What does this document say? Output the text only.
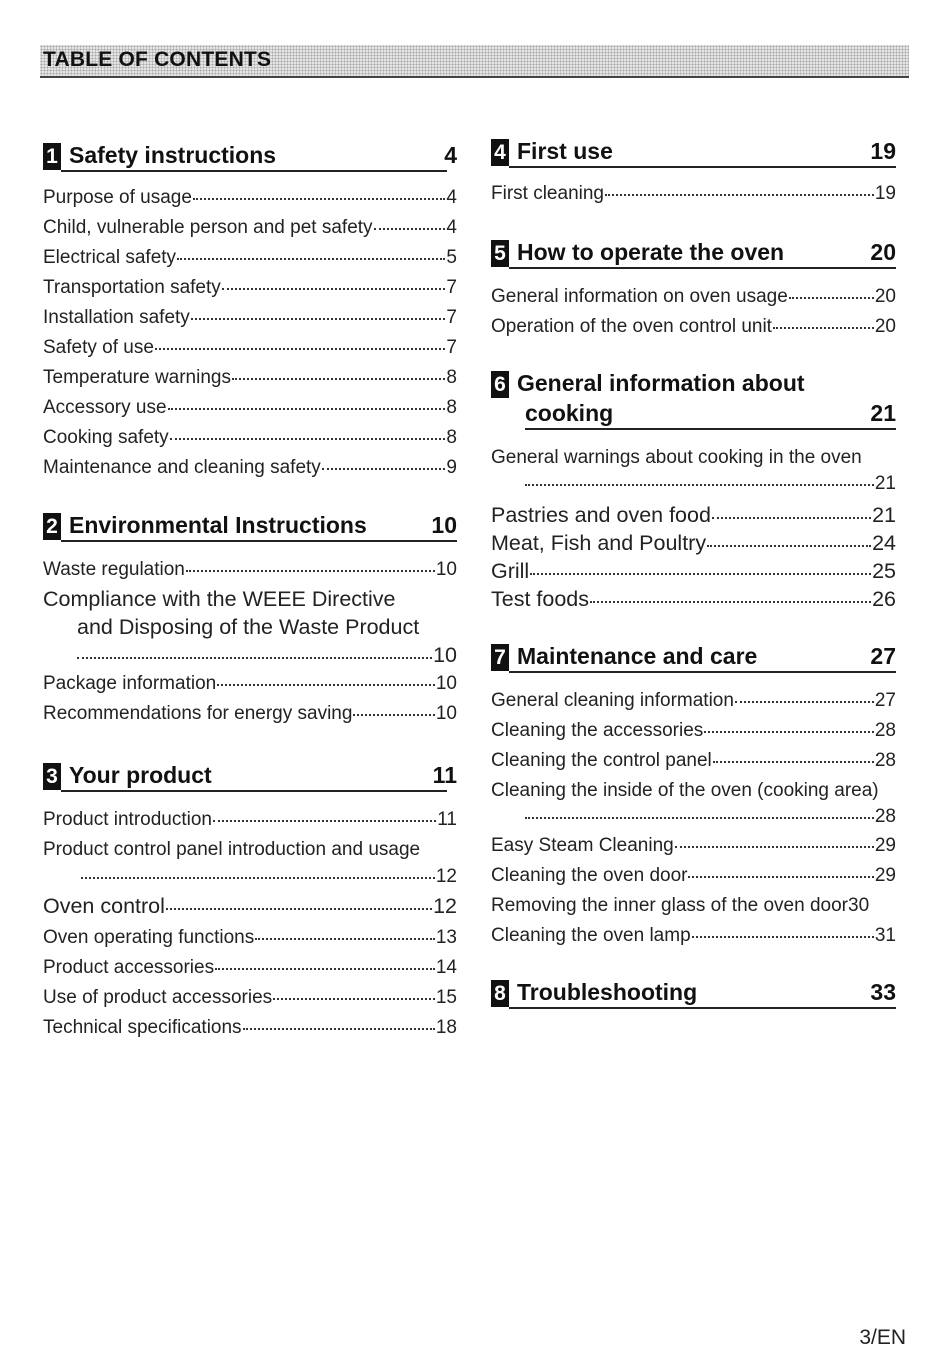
TABLE OF CONTENTS
1 Safety instructions	4
Purpose of usage	4
Child, vulnerable person and pet safety	4
Electrical safety	5
Transportation safety	7
Installation safety	7
Safety of use	7
Temperature warnings	8
Accessory use	8
Cooking safety	8
Maintenance and cleaning safety	9
2 Environmental Instructions	10
Waste regulation	10
Compliance with the WEEE Directive
and Disposing of the Waste Product
10
Package information	10
Recommendations for energy saving	10
3 Your product	11
Product introduction	11
Product control panel introduction and usage
12
Oven control	12
Oven operating functions	13
Product accessories	14
Use of product accessories	15
Technical specifications	18
4 First use	19
First cleaning	19
5 How to operate the oven	20
General information on oven usage	20
Operation of the oven control unit	20
6 General information about
cooking	21
General warnings about cooking in the oven
21
Pastries and oven food	21
Meat, Fish and Poultry	24
Grill	25
Test foods	26
7 Maintenance and care	27
General cleaning information	27
Cleaning the accessories	28
Cleaning the control panel	28
Cleaning the inside of the oven (cooking area)
28
Easy Steam Cleaning	29
Cleaning the oven door	29
Removing the inner glass of the oven door 30
Cleaning the oven lamp	31
8 Troubleshooting	33
3/EN
